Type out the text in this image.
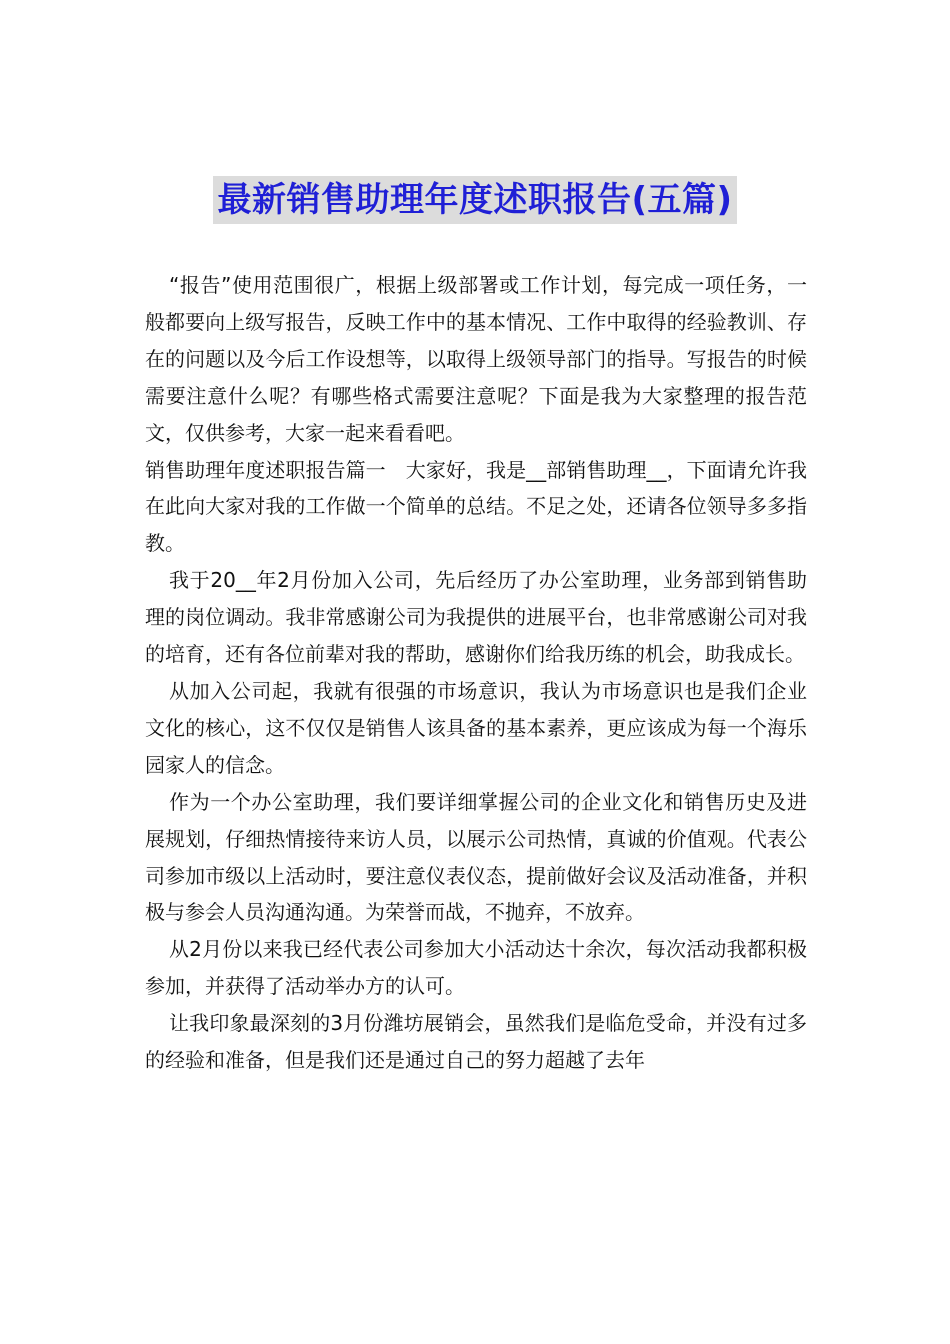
最新销售助理年度述职报告(五篇)

“报告”使用范围很广，根据上级部署或工作计划，每完成一项任务，一般都要向上级写报告，反映工作中的基本情况、工作中取得的经验教训、存在的问题以及今后工作设想等，以取得上级领导部门的指导。写报告的时候需要注意什么呢？有哪些格式需要注意呢？下面是我为大家整理的报告范文，仅供参考，大家一起来看看吧。

销售助理年度述职报告篇一　大家好，我是__部销售助理__，下面请允许我在此向大家对我的工作做一个简单的总结。不足之处，还请各位领导多多指教。

我于20__年2月份加入公司，先后经历了办公室助理，业务部到销售助理的岗位调动。我非常感谢公司为我提供的进展平台，也非常感谢公司对我的培育，还有各位前辈对我的帮助，感谢你们给我历练的机会，助我成长。

从加入公司起，我就有很强的市场意识，我认为市场意识也是我们企业文化的核心，这不仅仅是销售人该具备的基本素养，更应该成为每一个海乐园家人的信念。

作为一个办公室助理，我们要详细掌握公司的企业文化和销售历史及进展规划，仔细热情接待来访人员，以展示公司热情，真诚的价值观。代表公司参加市级以上活动时，要注意仪表仪态，提前做好会议及活动准备，并积极与参会人员沟通沟通。为荣誉而战，不抛弃，不放弃。

从2月份以来我已经代表公司参加大小活动达十余次，每次活动我都积极参加，并获得了活动举办方的认可。

让我印象最深刻的3月份潍坊展销会，虽然我们是临危受命，并没有过多的经验和准备，但是我们还是通过自己的努力超越了去年
